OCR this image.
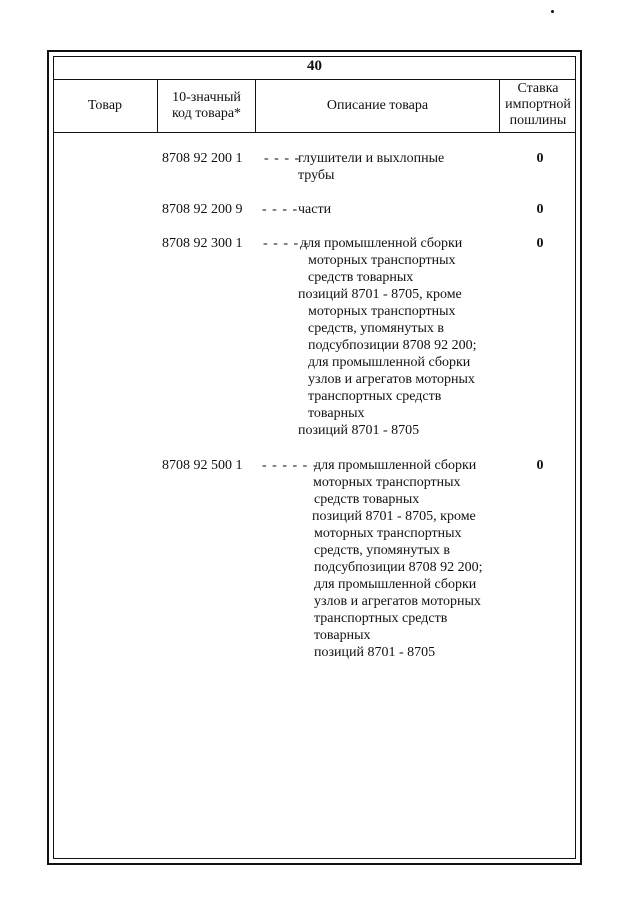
40
Товар
10-значный
код товара*
Описание товара
Ставка
импортной
пошлины
8708 92 200 1 - - - -
глушители и выхлопные
трубы
0
8708 92 200 9 - - - - части	0
8708 92 300 1 - - - - -
для промышленной сборки
моторных транспортных
средств товарных
позиций 8701 - 8705, кроме
моторных транспортных
средств, упомянутых в
подсубпозиции 8708 92 200;
для промышленной сборки
узлов и агрегатов моторных
транспортных средств
товарных
позиций 8701 - 8705
0
8708 92 500 1 - - - - - -
для промышленной сборки
моторных транспортных
средств товарных
позиций 8701 - 8705, кроме
моторных транспортных
средств, упомянутых в
подсубпозиции 8708 92 200;
для промышленной сборки
узлов и агрегатов моторных
транспортных средств
товарных
позиций 8701 - 8705
0
